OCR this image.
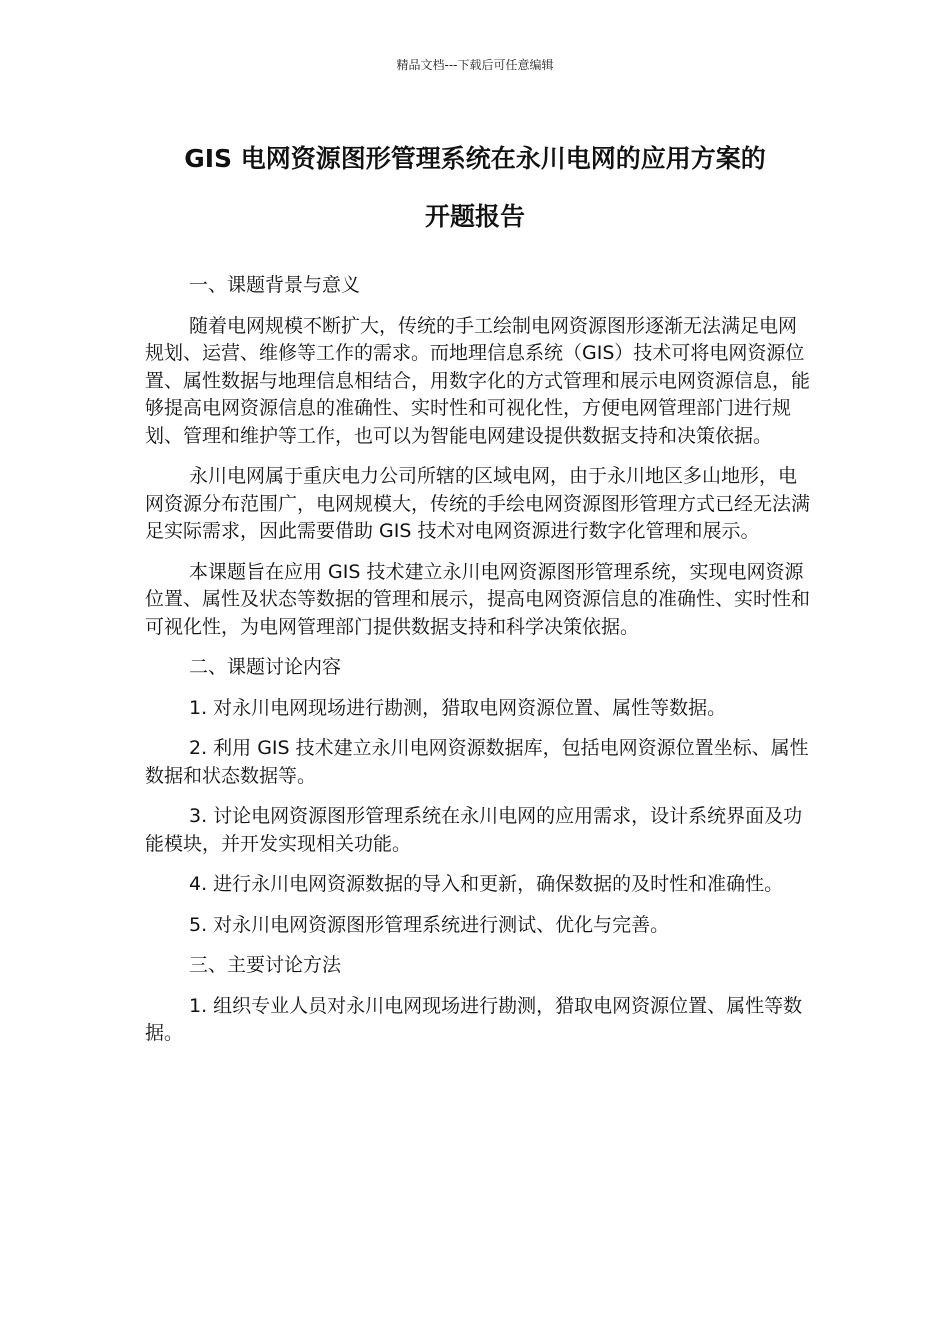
精品文档---下载后可任意编辑
GIS 电网资源图形管理系统在永川电网的应用方案的
开题报告

一、课题背景与意义

随着电网规模不断扩大，传统的手工绘制电网资源图形逐渐无法满足电网规划、运营、维修等工作的需求。而地理信息系统（GIS）技术可将电网资源位置、属性数据与地理信息相结合，用数字化的方式管理和展示电网资源信息，能够提高电网资源信息的准确性、实时性和可视化性，方便电网管理部门进行规划、管理和维护等工作，也可以为智能电网建设提供数据支持和决策依据。

永川电网属于重庆电力公司所辖的区域电网，由于永川地区多山地形，电网资源分布范围广，电网规模大，传统的手绘电网资源图形管理方式已经无法满足实际需求，因此需要借助 GIS 技术对电网资源进行数字化管理和展示。

本课题旨在应用 GIS 技术建立永川电网资源图形管理系统，实现电网资源位置、属性及状态等数据的管理和展示，提高电网资源信息的准确性、实时性和可视化性，为电网管理部门提供数据支持和科学决策依据。

二、课题讨论内容

1. 对永川电网现场进行勘测，猎取电网资源位置、属性等数据。

2. 利用 GIS 技术建立永川电网资源数据库，包括电网资源位置坐标、属性数据和状态数据等。

3. 讨论电网资源图形管理系统在永川电网的应用需求，设计系统界面及功能模块，并开发实现相关功能。

4. 进行永川电网资源数据的导入和更新，确保数据的及时性和准确性。

5. 对永川电网资源图形管理系统进行测试、优化与完善。

三、主要讨论方法

1. 组织专业人员对永川电网现场进行勘测，猎取电网资源位置、属性等数据。
